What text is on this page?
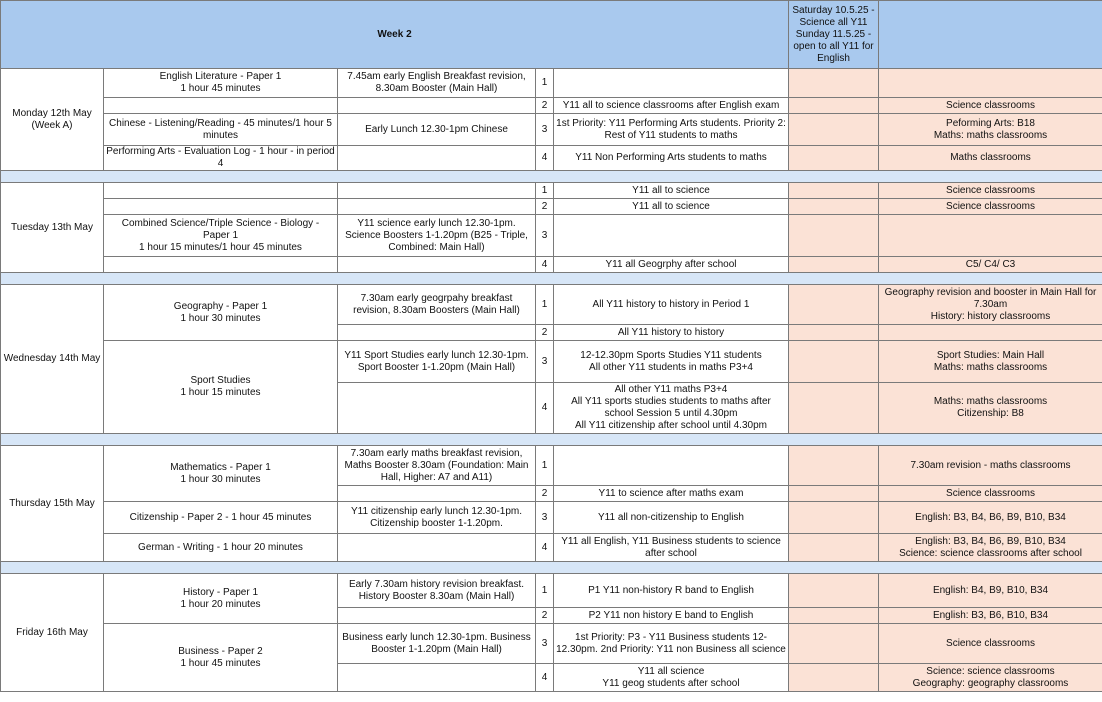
Week 2					Saturday 10.5.25 -
Science all Y11
Sunday 11.5.25 -
open to all Y11 for
English	
Monday 12th May
(Week A)	English Literature - Paper 1
1 hour 45 minutes	7.45am early English Breakfast revision,
8.30am Booster (Main Hall)	1			
			2	Y11 all to science classrooms after English exam		Science classrooms
	Chinese - Listening/Reading - 45 minutes/1 hour 5
minutes	Early Lunch 12.30-1pm Chinese	3	1st Priority: Y11 Performing Arts students. Priority 2:
Rest of Y11 students to maths		Peforming Arts: B18
Maths: maths classrooms
	Performing Arts - Evaluation Log - 1 hour - in period 4		4	Y11 Non Performing Arts students to maths		Maths classrooms

Tuesday 13th May			1	Y11 all to science		Science classrooms
			2	Y11 all to science		Science classrooms
	Combined Science/Triple Science - Biology -
Paper 1
1 hour 15 minutes/1 hour 45 minutes	Y11 science early lunch 12.30-1pm.
Science Boosters 1-1.20pm (B25 - Triple,
Combined: Main Hall)	3			
			4	Y11 all Geogrphy after school		C5/ C4/ C3

Wednesday 14th May	Geography - Paper 1
1 hour 30 minutes	7.30am early geogrpahy breakfast
revision, 8.30am Boosters (Main Hall)	1	All Y11 history to history in Period 1		Geography revision and booster in Main Hall for
7.30am
History: history classrooms
			2	All Y11 history to history		
	Sport Studies
1 hour 15 minutes	Y11 Sport Studies early lunch 12.30-1pm.
Sport Booster 1-1.20pm (Main Hall)	3	12-12.30pm Sports Studies Y11 students
All other Y11 students in maths P3+4		Sport Studies: Main Hall
Maths: maths classrooms
			4	All other Y11 maths P3+4
All Y11 sports studies students to maths after
school Session 5 until 4.30pm
All Y11 citizenship after school until 4.30pm		Maths: maths classrooms
Citizenship: B8

Thursday 15th May	Mathematics - Paper 1
1 hour 30 minutes	7.30am early maths breakfast revision,
Maths Booster 8.30am (Foundation: Main
Hall, Higher: A7 and A11)	1			7.30am revision - maths classrooms
			2	Y11 to science after maths exam		Science classrooms
	Citizenship - Paper 2 - 1 hour 45 minutes	Y11 citizenship early lunch 12.30-1pm.
Citizenship booster 1-1.20pm.	3	Y11 all non-citizenship to English		English: B3, B4, B6, B9, B10, B34
	German - Writing - 1 hour 20 minutes		4	Y11 all English, Y11 Business students to science
after school		English: B3, B4, B6, B9, B10, B34
Science: science classrooms after school

Friday 16th May	History - Paper 1
1 hour 20 minutes	Early 7.30am history revision breakfast.
History Booster 8.30am (Main Hall)	1	P1 Y11 non-history R band to English		English: B4, B9, B10, B34
			2	P2 Y11 non history E band to English		English: B3, B6, B10, B34
	Business - Paper 2
1 hour 45 minutes	Business early lunch 12.30-1pm. Business
Booster 1-1.20pm (Main Hall)	3	1st Priority: P3 - Y11 Business students 12-
12.30pm. 2nd Priority: Y11 non Business all science		Science classrooms
			4	Y11 all science
Y11 geog students after school		Science: science classrooms
Geography: geography classrooms
